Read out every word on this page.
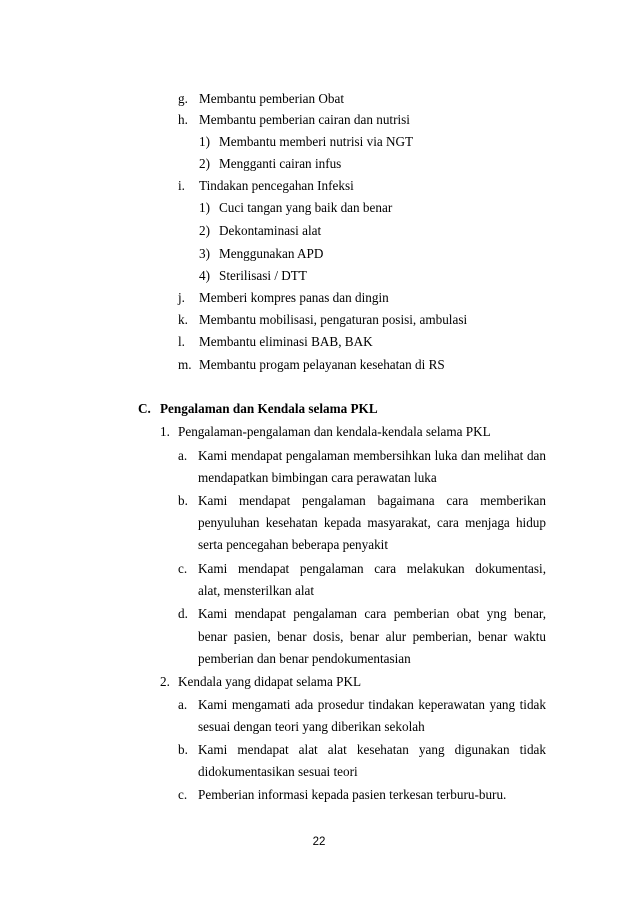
g. Membantu pemberian Obat
h. Membantu pemberian cairan dan nutrisi
1) Membantu memberi nutrisi via NGT
2) Mengganti cairan infus
i. Tindakan pencegahan Infeksi
1) Cuci tangan yang baik dan benar
2) Dekontaminasi alat
3) Menggunakan APD
4) Sterilisasi / DTT
j. Memberi kompres panas dan dingin
k. Membantu mobilisasi, pengaturan posisi, ambulasi
l. Membantu eliminasi BAB, BAK
m. Membantu progam pelayanan kesehatan di RS
C. Pengalaman dan Kendala selama PKL
1. Pengalaman-pengalaman dan kendala-kendala selama PKL
a. Kami mendapat pengalaman membersihkan luka dan melihat dan
mendapatkan bimbingan cara perawatan luka
b. Kami mendapat pengalaman bagaimana cara memberikan
penyuluhan kesehatan kepada masyarakat, cara menjaga hidup
serta pencegahan beberapa penyakit
c. Kami mendapat pengalaman cara melakukan dokumentasi,
alat, mensterilkan alat
d. Kami mendapat pengalaman cara pemberian obat yng benar,
benar pasien, benar dosis, benar alur pemberian, benar waktu
pemberian dan benar pendokumentasian
2. Kendala yang didapat selama PKL
a. Kami mengamati ada prosedur tindakan keperawatan yang tidak
sesuai dengan teori yang diberikan sekolah
b. Kami mendapat alat alat kesehatan yang digunakan tidak
didokumentasikan sesuai teori
c. Pemberian informasi kepada pasien terkesan terburu-buru.
22
